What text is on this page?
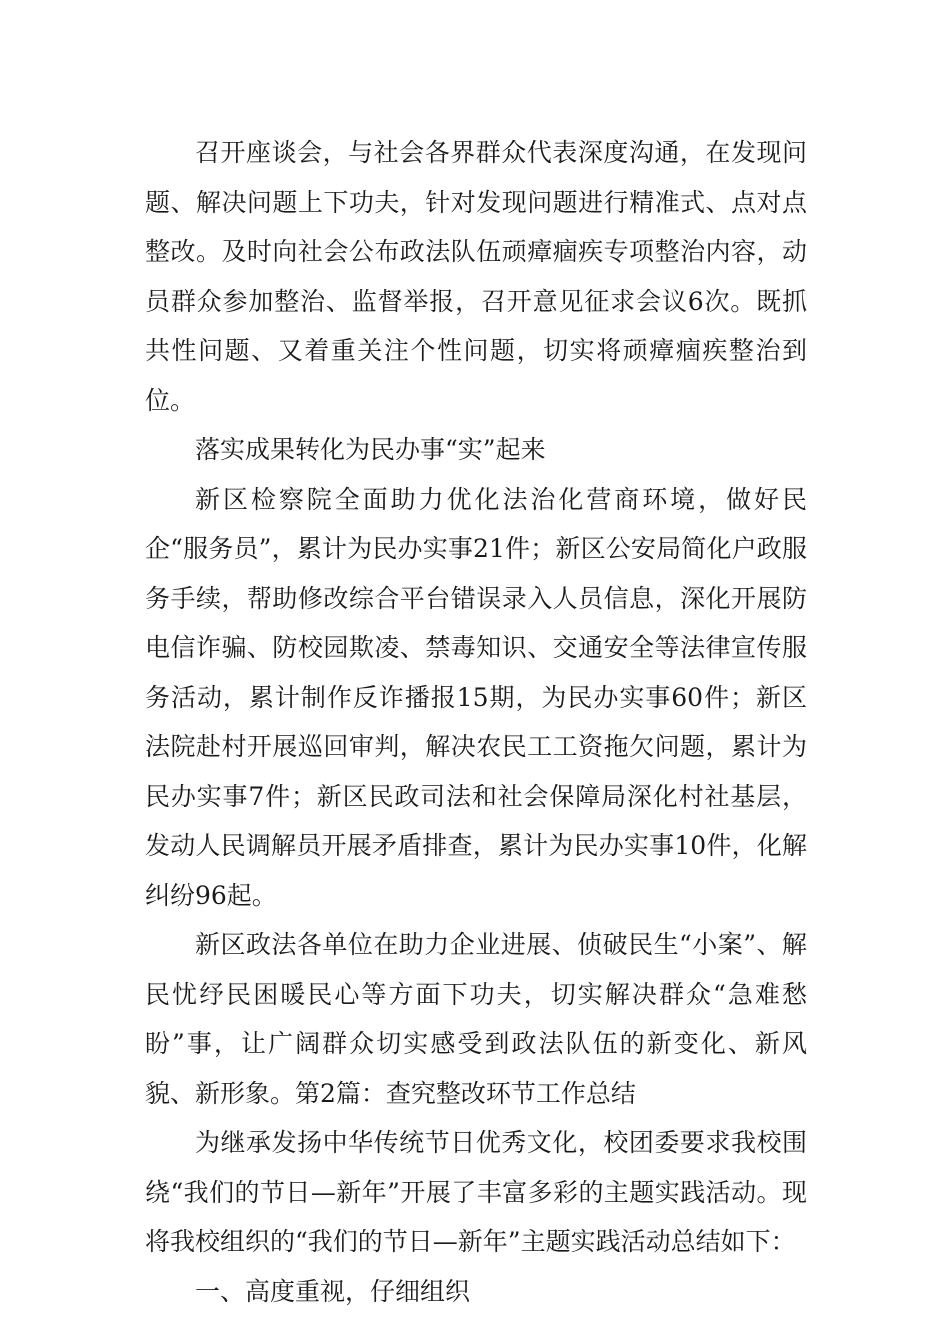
召开座谈会，与社会各界群众代表深度沟通，在发现问题、解决问题上下功夫，针对发现问题进行精准式、点对点整改。及时向社会公布政法队伍顽瘴痼疾专项整治内容，动员群众参加整治、监督举报，召开意见征求会议6次。既抓共性问题、又着重关注个性问题，切实将顽瘴痼疾整治到位。

落实成果转化为民办事“实”起来

新区检察院全面助力优化法治化营商环境，做好民企“服务员”，累计为民办实事21件；新区公安局简化户政服务手续，帮助修改综合平台错误录入人员信息，深化开展防电信诈骗、防校园欺凌、禁毒知识、交通安全等法律宣传服务活动，累计制作反诈播报15期，为民办实事60件；新区法院赴村开展巡回审判，解决农民工工资拖欠问题，累计为民办实事7件；新区民政司法和社会保障局深化村社基层，发动人民调解员开展矛盾排查，累计为民办实事10件，化解纠纷96起。

新区政法各单位在助力企业进展、侦破民生“小案”、解民忧纾民困暖民心等方面下功夫，切实解决群众“急难愁盼”事，让广阔群众切实感受到政法队伍的新变化、新风貌、新形象。第2篇：查究整改环节工作总结

为继承发扬中华传统节日优秀文化，校团委要求我校围绕“我们的节日—新年”开展了丰富多彩的主题实践活动。现将我校组织的“我们的节日—新年”主题实践活动总结如下：

一、高度重视，仔细组织
